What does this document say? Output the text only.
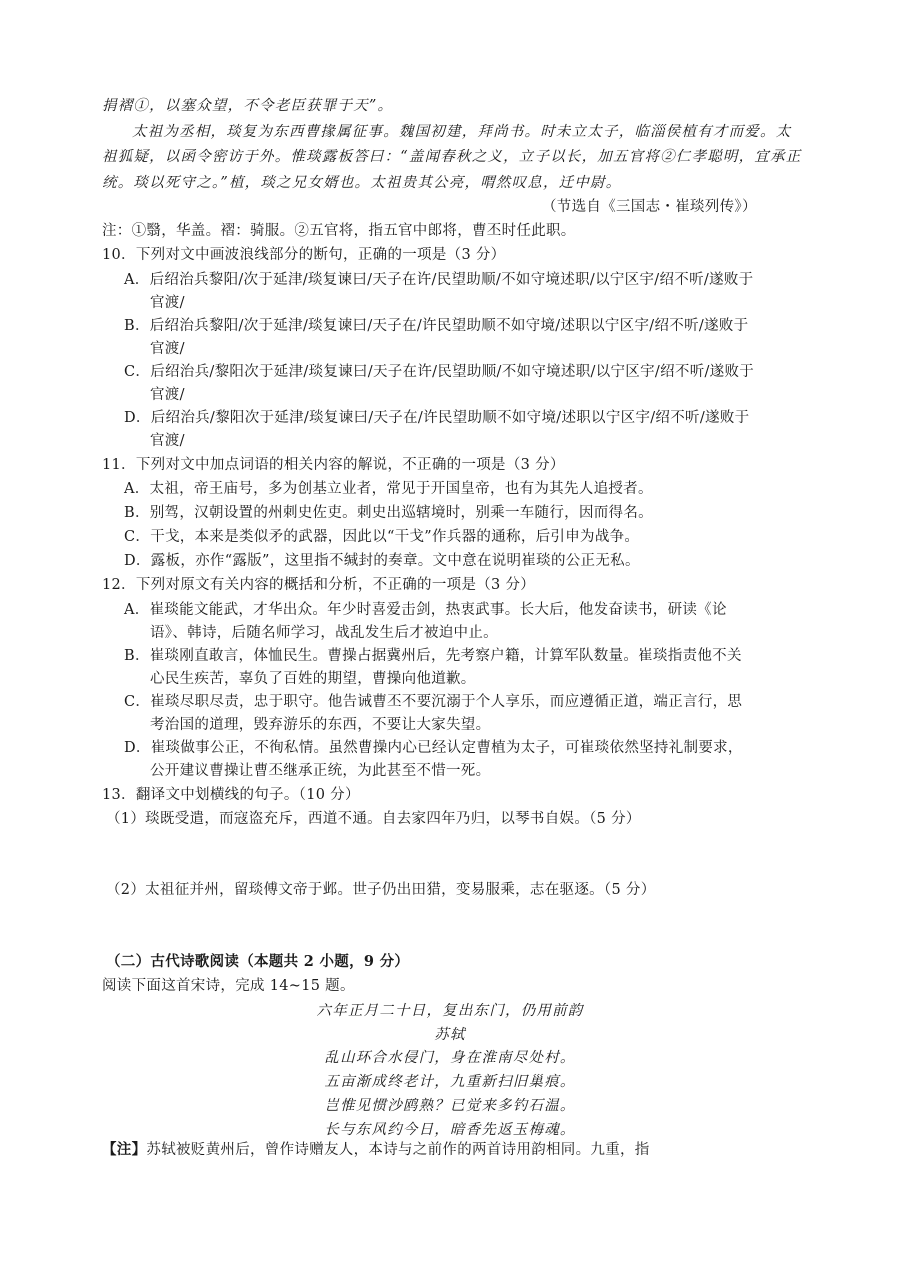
捐褶①，以塞众望，不令老臣获罪于天”。
太祖为丞相，琰复为东西曹掾属征事。魏国初建，拜尚书。时未立太子，临淄侯植有才而爱。太
祖狐疑，以函令密访于外。惟琰露板答曰：“盖闻春秋之义，立子以长，加五官将②仁孝聪明，宜承正
统。琰以死守之。”植，琰之兄女婿也。太祖贵其公亮，喟然叹息，迁中尉。
（节选自《三国志・崔琰列传》）
注：①翳，华盖。褶：骑服。②五官将，指五官中郎将，曹丕时任此职。
10．下列对文中画波浪线部分的断句，正确的一项是（3 分）
A．后绍治兵黎阳/次于延津/琰复谏曰/天子在许/民望助顺/不如守境述职/以宁区宇/绍不听/遂败于
官渡/
B．后绍治兵黎阳/次于延津/琰复谏曰/天子在/许民望助顺不如守境/述职以宁区宇/绍不听/遂败于
官渡/
C．后绍治兵/黎阳次于延津/琰复谏曰/天子在许/民望助顺/不如守境述职/以宁区宇/绍不听/遂败于
官渡/
D．后绍治兵/黎阳次于延津/琰复谏曰/天子在/许民望助顺不如守境/述职以宁区宇/绍不听/遂败于
官渡/
11．下列对文中加点词语的相关内容的解说，不正确的一项是（3 分）
A．太祖，帝王庙号，多为创基立业者，常见于开国皇帝，也有为其先人追授者。
B．别驾，汉朝设置的州刺史佐吏。刺史出巡辖境时，别乘一车随行，因而得名。
C．干戈，本来是类似矛的武器，因此以“干戈”作兵器的通称，后引申为战争。
D．露板，亦作“露版”，这里指不缄封的奏章。文中意在说明崔琰的公正无私。
12．下列对原文有关内容的概括和分析，不正确的一项是（3 分）
A．崔琰能文能武，才华出众。年少时喜爱击剑，热衷武事。长大后，他发奋读书，研读《论
语》、韩诗，后随名师学习，战乱发生后才被迫中止。
B．崔琰刚直敢言，体恤民生。曹操占据冀州后，先考察户籍，计算军队数量。崔琰指责他不关
心民生疾苦，辜负了百姓的期望，曹操向他道歉。
C．崔琰尽职尽责，忠于职守。他告诫曹丕不要沉溺于个人享乐，而应遵循正道，端正言行，思
考治国的道理，毁弃游乐的东西，不要让大家失望。
D．崔琰做事公正，不徇私情。虽然曹操内心已经认定曹植为太子，可崔琰依然坚持礼制要求，
公开建议曹操让曹丕继承正统，为此甚至不惜一死。
13．翻译文中划横线的句子。（10 分）
（1）琰既受遣，而寇盗充斥，西道不通。自去家四年乃归，以琴书自娱。（5 分）
（2）太祖征并州，留琰傅文帝于邺。世子仍出田猎，变易服乘，志在驱逐。（5 分）
（二）古代诗歌阅读（本题共 2 小题，9 分）
阅读下面这首宋诗，完成 14~15 题。
六年正月二十日，复出东门，仍用前韵
苏轼
乱山环合水侵门，身在淮南尽处村。
五亩渐成终老计，九重新扫旧巢痕。
岂惟见惯沙鸥熟？已觉来多钓石温。
长与东风约今日，暗香先返玉梅魂。
【注】苏轼被贬黄州后，曾作诗赠友人，本诗与之前作的两首诗用韵相同。九重，指
